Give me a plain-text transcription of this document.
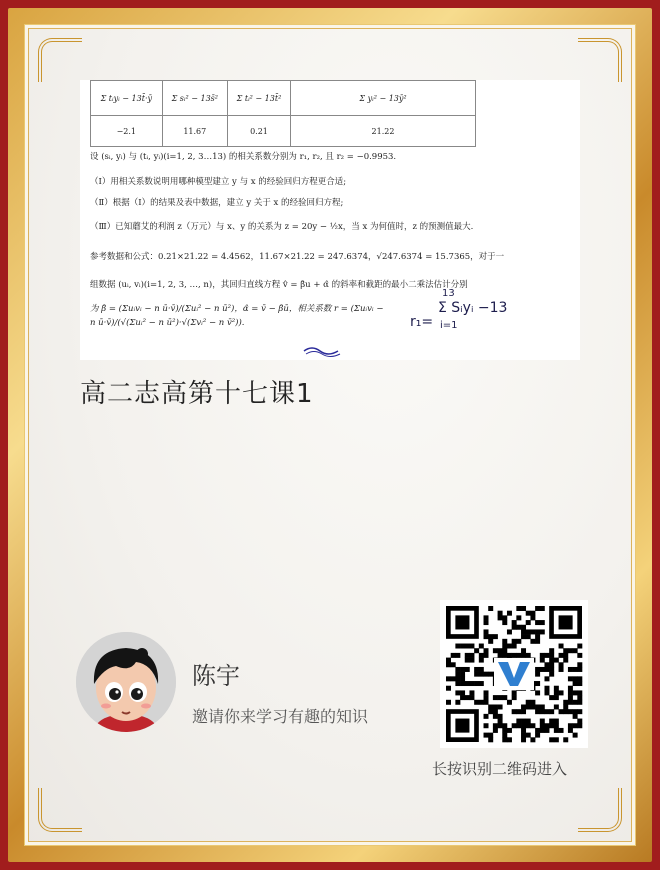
Σ tᵢyᵢ − 13t̄·ȳ	Σ sᵢ² − 13s̄²	Σ tᵢ² − 13t̄²	Σ yᵢ² − 13ȳ²
−2.1	11.67	0.21	21.22
设 (sᵢ, yᵢ) 与 (tᵢ, yᵢ)(i=1, 2, 3…13) 的相关系数分别为 r₁, r₂, 且 r₂ = −0.9953.
（Ⅰ）用相关系数说明用哪种模型建立 y 与 x 的经验回归方程更合适;
（Ⅱ）根据（Ⅰ）的结果及表中数据，建立 y 关于 x 的经验回归方程;
（Ⅲ）已知蘑艾的利润 z（万元）与 x、y 的关系为 z = 20y − ½x，当 x 为何值时，z 的预测值最大.
参考数据和公式：0.21×21.22 = 4.4562，11.67×21.22 = 247.6374，√247.6374 = 15.7365，对于一
组数据 (uᵢ, vᵢ)(i=1, 2, 3, …, n)，其回归直线方程 v̂ = β̂u + α̂ 的斜率和截距的最小二乘法估计分别
为 β̂ = (Σuᵢvᵢ − n ū·v̄)/(Σuᵢ² − n ū²)，α̂ = v̄ − β̂ū，相关系数 r = (Σuᵢvᵢ − n ū·v̄)/(√(Σuᵢ² − n ū²)·√(Σvᵢ² − n v̄²)).	r₁=
13
Σ Sᵢyᵢ −13
i=1
高二志高第十七课1
陈宇
邀请你来学习有趣的知识
长按识别二维码进入
